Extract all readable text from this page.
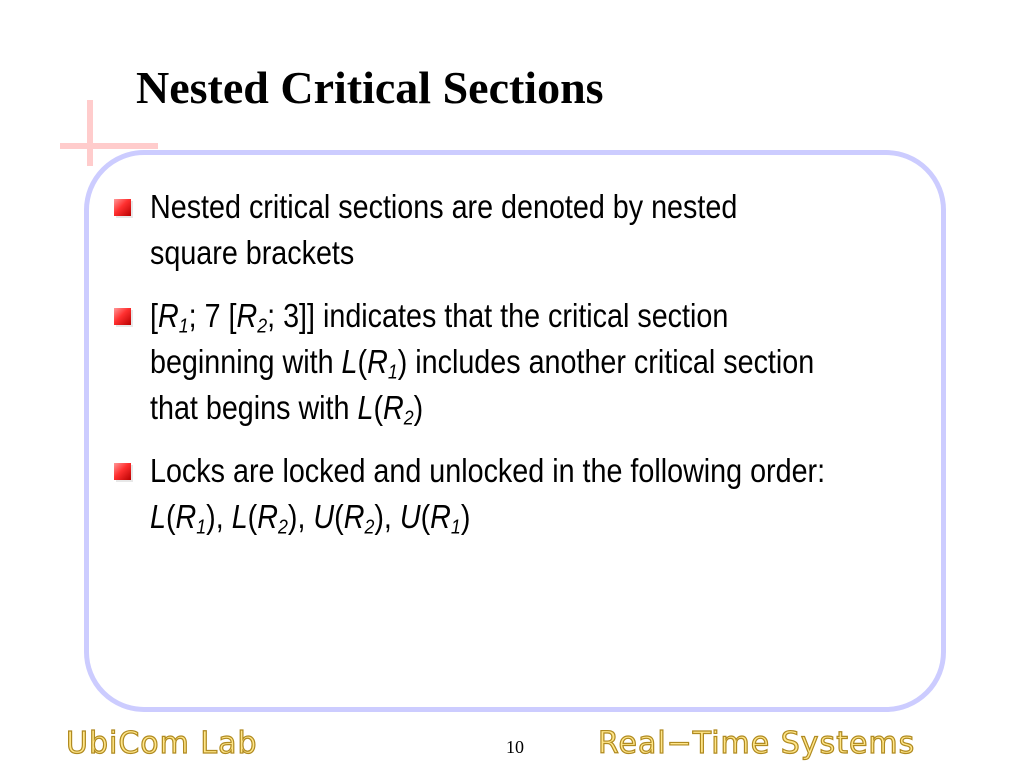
Nested Critical Sections
Nested critical sections are denoted by nested square brackets
[$R_1$; 7 [$R_2$; 3]] indicates that the critical section beginning with $L(R_1)$ includes another critical section that begins with $L(R_2)$
Locks are locked and unlocked in the following order: $L(R_1)$, $L(R_2)$, $U(R_2)$, $U(R_1)$
UbiCom Lab	10 Real−Time Systems
